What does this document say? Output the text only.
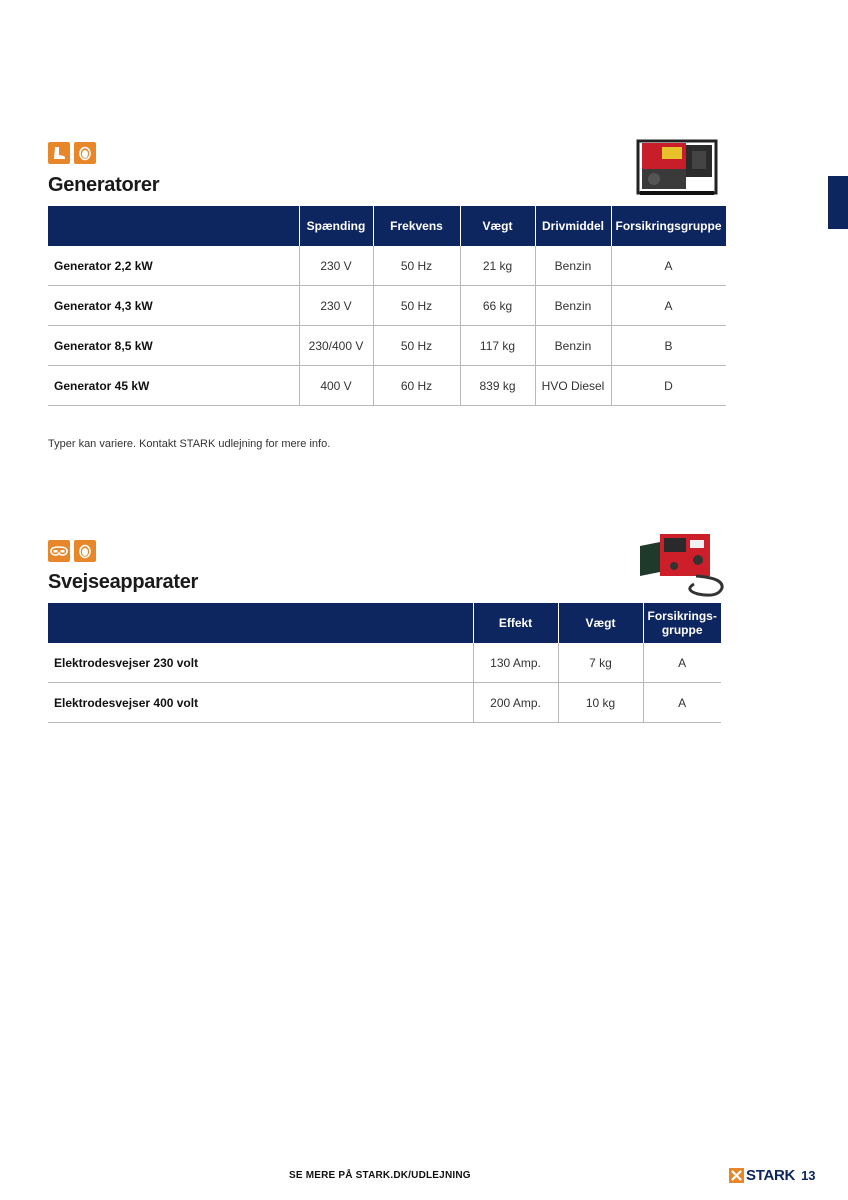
Generatorer
	Spænding	Frekvens	Vægt	Drivmiddel	Forsikringsgruppe
Generator 2,2 kW	230 V	50 Hz	21 kg	Benzin	A
Generator 4,3 kW	230 V	50 Hz	66 kg	Benzin	A
Generator 8,5 kW	230/400 V	50 Hz	117 kg	Benzin	B
Generator 45 kW	400 V	60 Hz	839 kg	HVO Diesel	D

Typer kan variere. Kontakt STARK udlejning for mere info.

Svejseapparater
	Effekt	Vægt	Forsikrings-
gruppe
Elektrodesvejser 230 volt	130 Amp.	7 kg	A
Elektrodesvejser 400 volt	200 Amp.	10 kg	A
SE MERE PÅ STARK.DK/UDLEJNING	STARK 13
